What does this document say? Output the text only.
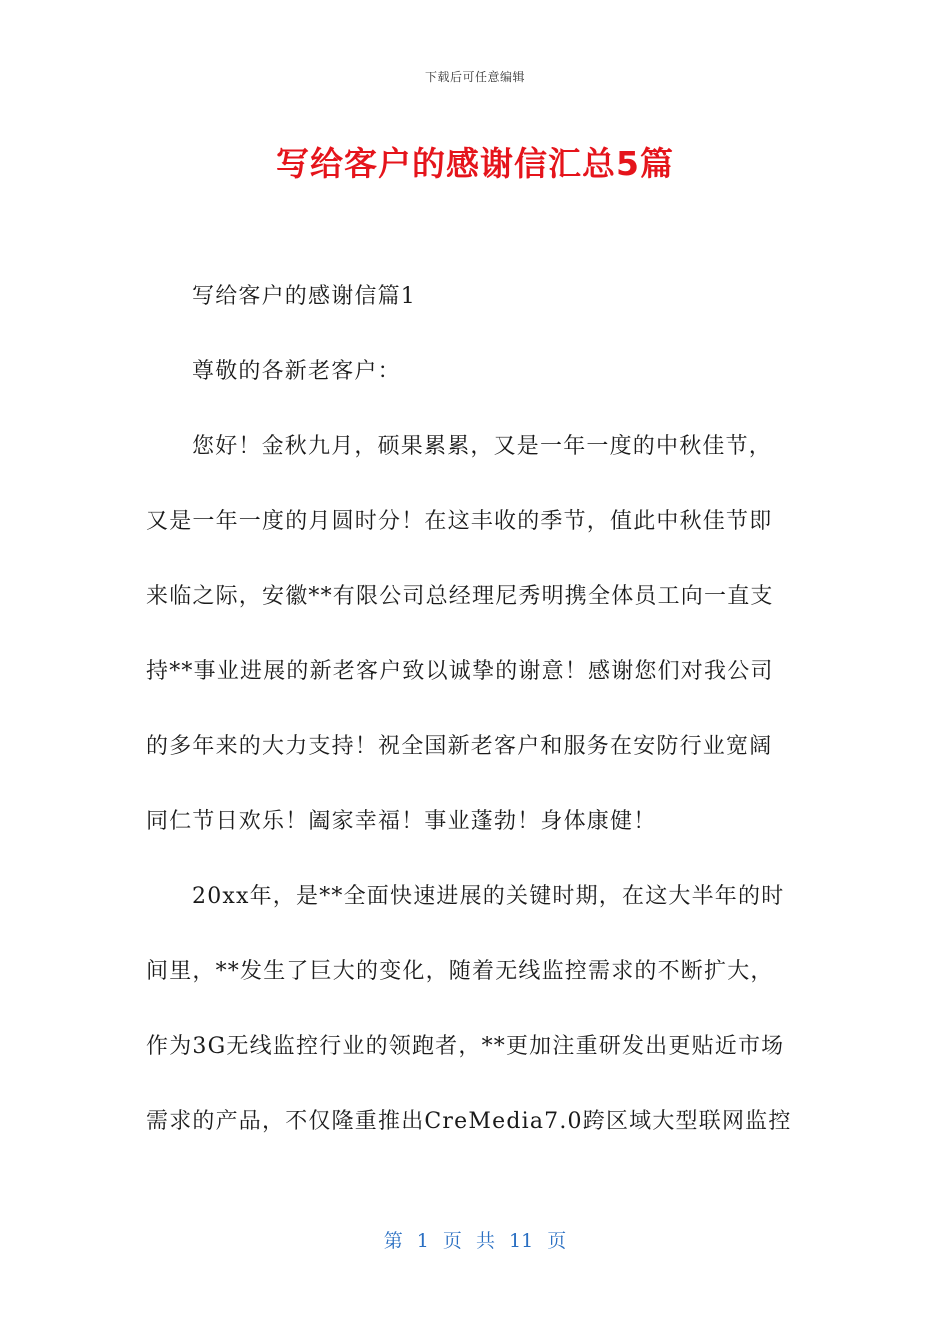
下载后可任意编辑
写给客户的感谢信汇总5篇
写给客户的感谢信篇1
尊敬的各新老客户：
您好！金秋九月，硕果累累，又是一年一度的中秋佳节，
又是一年一度的月圆时分！在这丰收的季节，值此中秋佳节即
来临之际，安徽**有限公司总经理尼秀明携全体员工向一直支
持**事业进展的新老客户致以诚挚的谢意！感谢您们对我公司
的多年来的大力支持！祝全国新老客户和服务在安防行业宽阔
同仁节日欢乐！阖家幸福！事业蓬勃！身体康健！
20xx年，是**全面快速进展的关键时期，在这大半年的时
间里，**发生了巨大的变化，随着无线监控需求的不断扩大，
作为3G无线监控行业的领跑者，**更加注重研发出更贴近市场
需求的产品，不仅隆重推出CreMedia7.0跨区域大型联网监控
第 1 页 共 11 页
